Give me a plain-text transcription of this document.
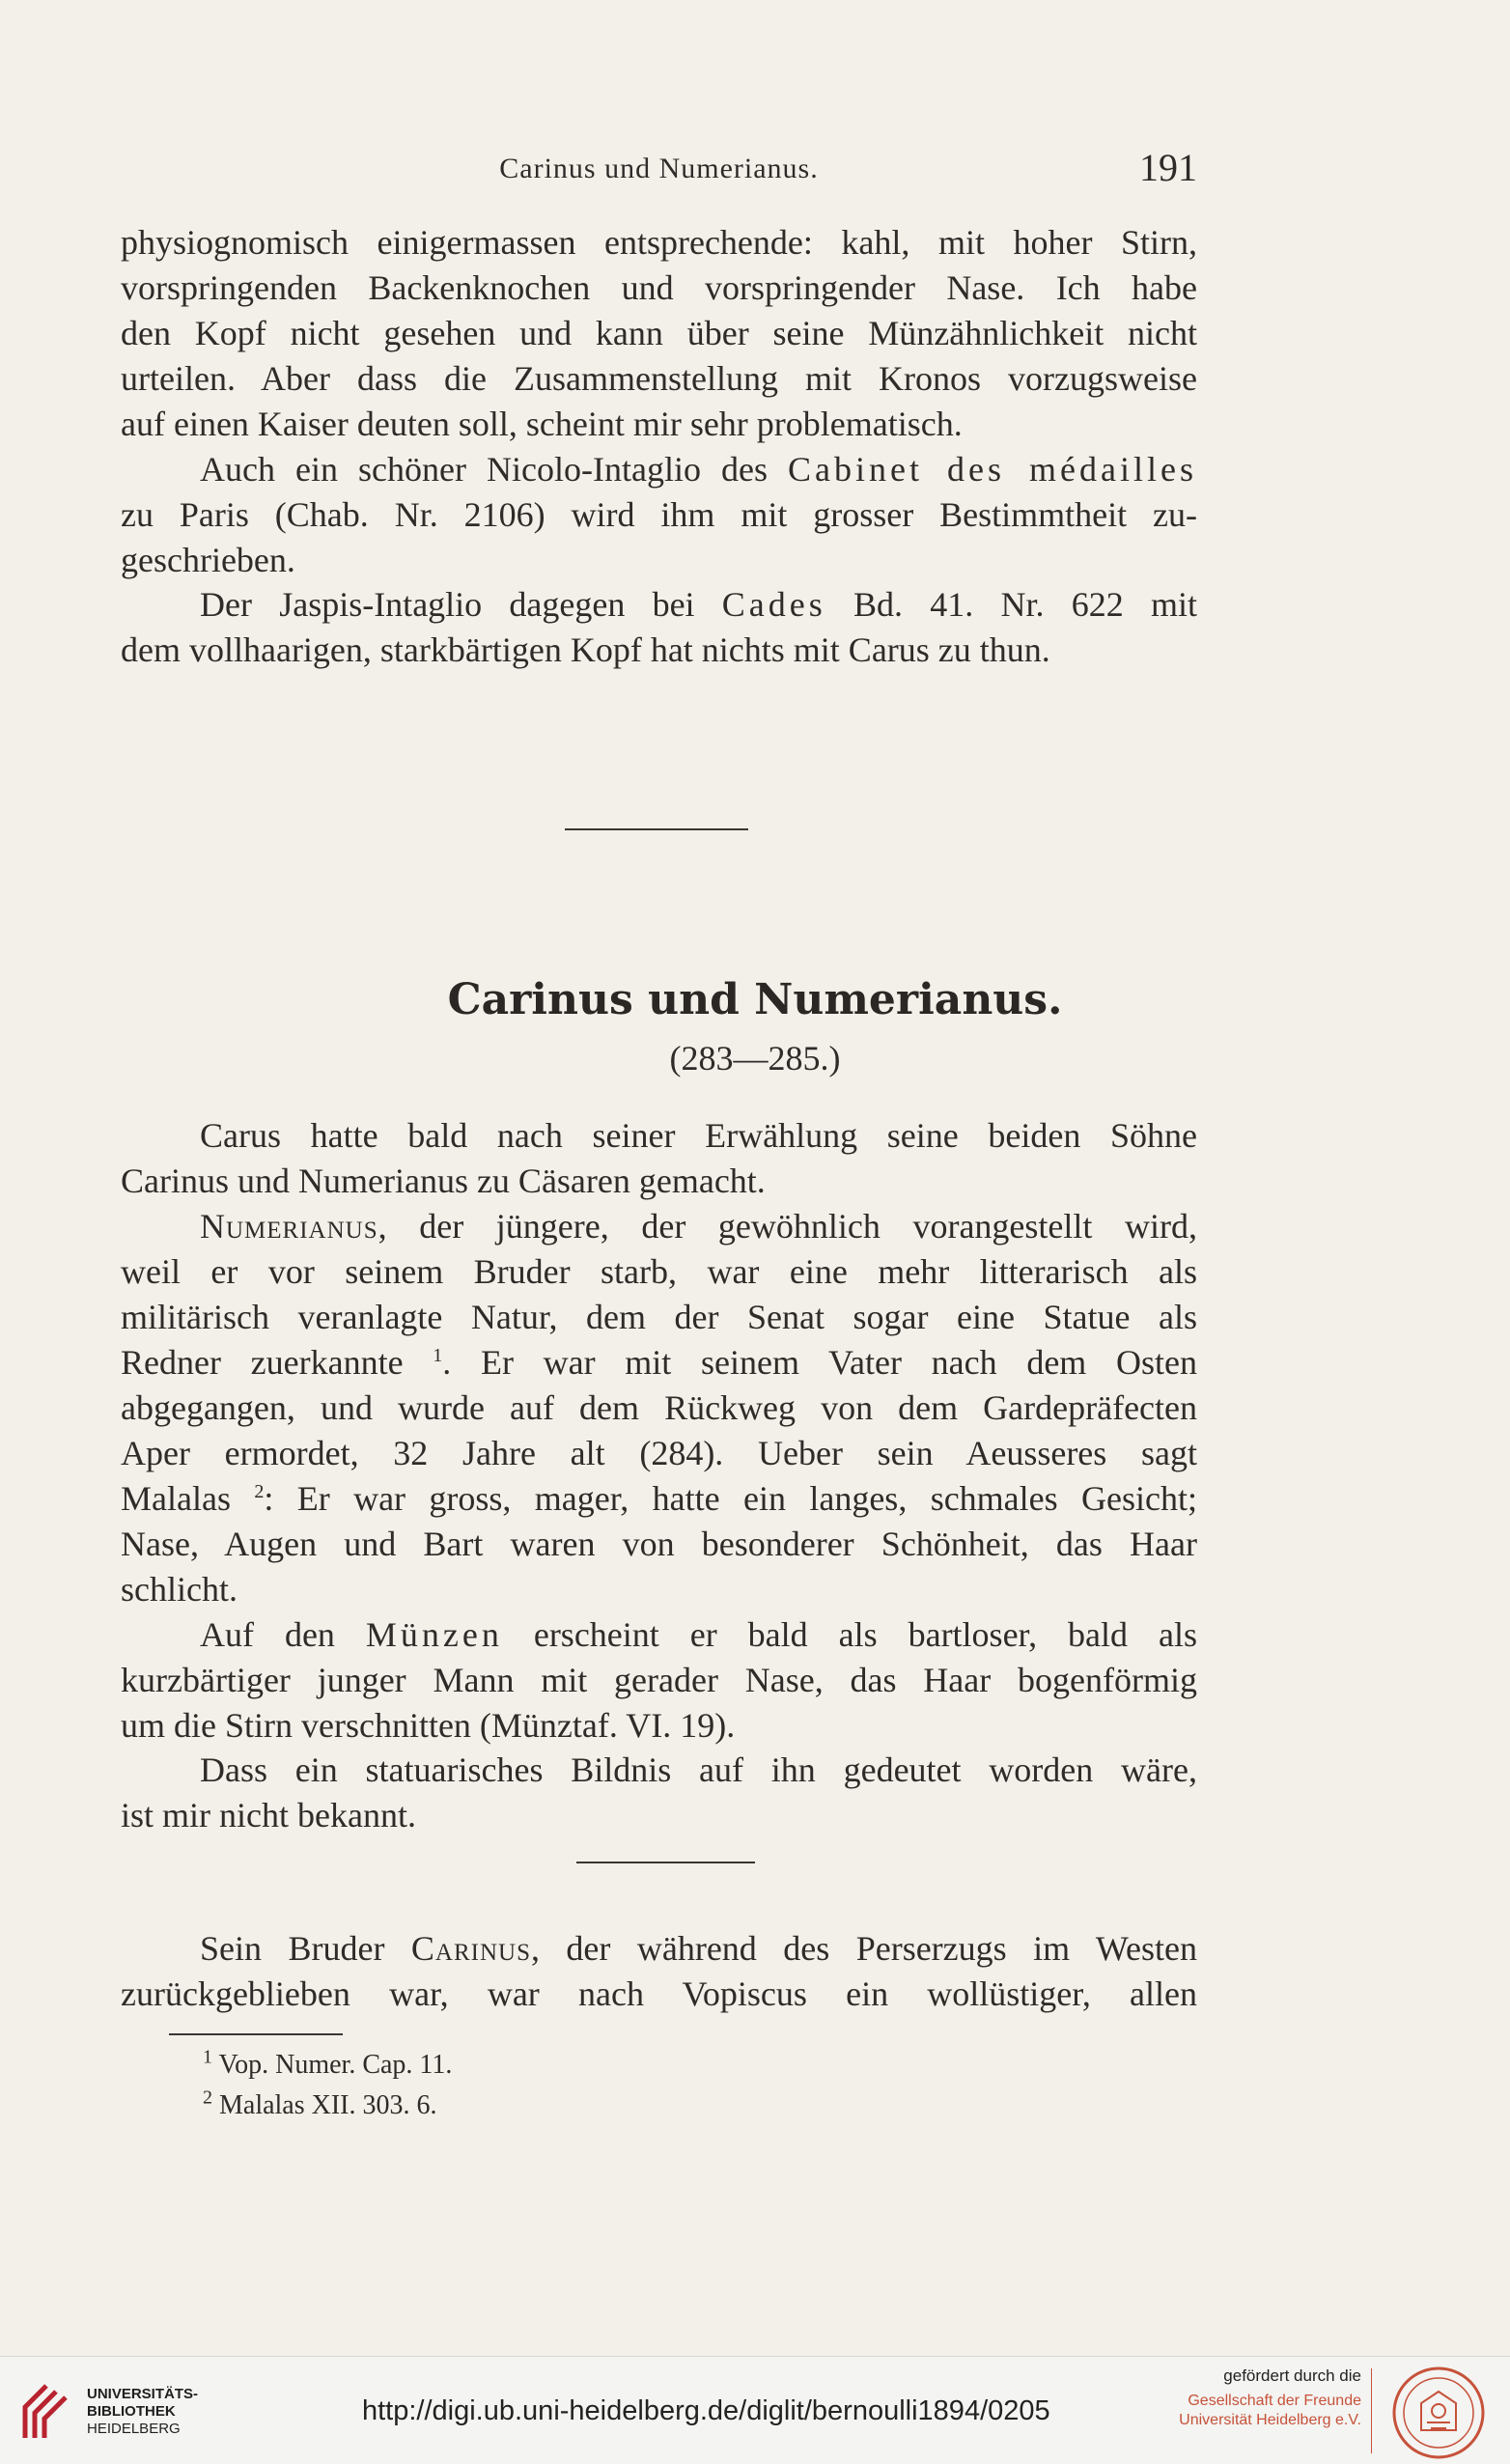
Carinus und Numerianus.	191
physiognomisch einigermassen entsprechende: kahl, mit hoher Stirn,
vorspringenden Backenknochen und vorspringender Nase. Ich habe
den Kopf nicht gesehen und kann über seine Münzähnlichkeit nicht
urteilen. Aber dass die Zusammenstellung mit Kronos vorzugsweise
auf einen Kaiser deuten soll, scheint mir sehr problematisch.
Auch ein schöner Nicolo-Intaglio des Cabinet des médailles
zu Paris (Chab. Nr. 2106) wird ihm mit grosser Bestimmtheit zu-
geschrieben.
Der Jaspis-Intaglio dagegen bei Cades Bd. 41. Nr. 622 mit
dem vollhaarigen, starkbärtigen Kopf hat nichts mit Carus zu thun.
Carinus und Numerianus.
(283—285.)
Carus hatte bald nach seiner Erwählung seine beiden Söhne
Carinus und Numerianus zu Cäsaren gemacht.
Numerianus, der jüngere, der gewöhnlich vorangestellt wird,
weil er vor seinem Bruder starb, war eine mehr litterarisch als
militärisch veranlagte Natur, dem der Senat sogar eine Statue als
Redner zuerkannte $^1$. Er war mit seinem Vater nach dem Osten
abgegangen, und wurde auf dem Rückweg von dem Gardepräfecten
Aper ermordet, 32 Jahre alt (284). Ueber sein Aeusseres sagt
Malalas $^2$: Er war gross, mager, hatte ein langes, schmales Gesicht;
Nase, Augen und Bart waren von besonderer Schönheit, das Haar
schlicht.
Auf den Münzen erscheint er bald als bartloser, bald als
kurzbärtiger junger Mann mit gerader Nase, das Haar bogenförmig
um die Stirn verschnitten (Münztaf. VI. 19).
Dass ein statuarisches Bildnis auf ihn gedeutet worden wäre,
ist mir nicht bekannt.
Sein Bruder Carinus, der während des Perserzugs im Westen
zurückgeblieben war, war nach Vopiscus ein wollüstiger, allen
$^1$ Vop. Numer. Cap. 11.
$^2$ Malalas XII. 303. 6.
UNIVERSITÄTS-
BIBLIOTHEK
HEIDELBERG
http://digi.ub.uni-heidelberg.de/diglit/bernoulli1894/0205
gefördert durch die
Gesellschaft der Freunde
Universität Heidelberg e.V.
